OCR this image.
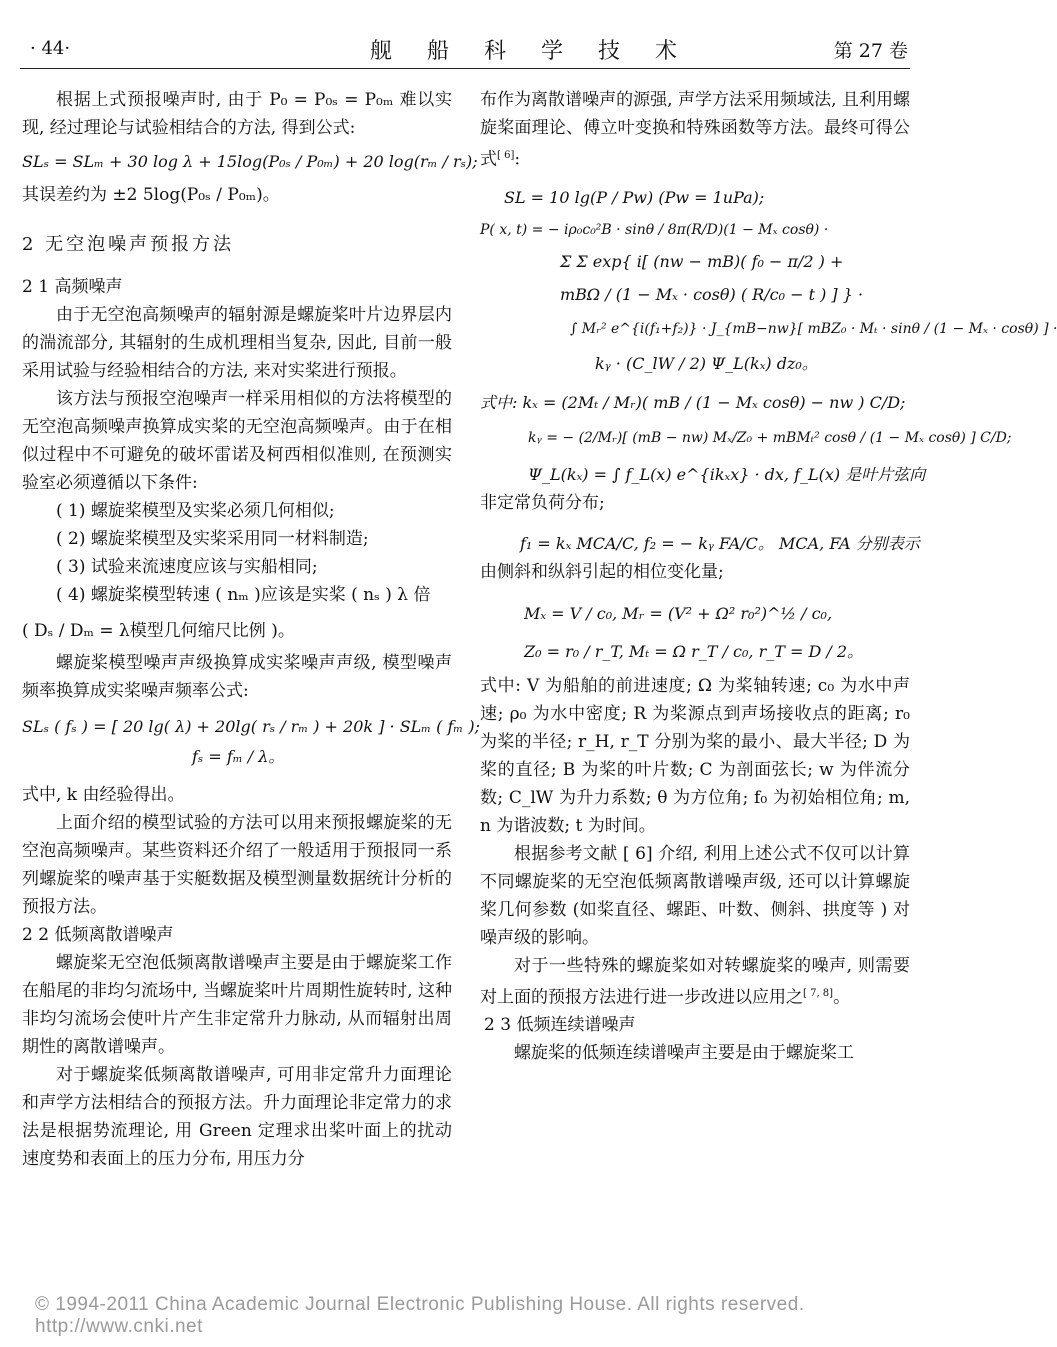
· 44·	舰 船 科 学 技 术	第 27 卷

根据上式预报噪声时, 由于 P₀ = P₀ₛ = P₀ₘ 难以实现, 经过理论与试验相结合的方法, 得到公式:

SLₛ = SLₘ + 30 log λ + 15log(P₀ₛ / P₀ₘ) + 20 log(rₘ / rₛ);

其误差约为 ±2 5log(P₀ₛ / P₀ₘ)。

2 无空泡噪声预报方法

2 1 高频噪声

由于无空泡高频噪声的辐射源是螺旋桨叶片边界层内的湍流部分, 其辐射的生成机理相当复杂, 因此, 目前一般采用试验与经验相结合的方法, 来对实桨进行预报。

该方法与预报空泡噪声一样采用相似的方法将模型的无空泡高频噪声换算成实桨的无空泡高频噪声。由于在相似过程中不可避免的破坏雷诺及柯西相似准则, 在预测实验室必须遵循以下条件:

( 1) 螺旋桨模型及实桨必须几何相似;

( 2) 螺旋桨模型及实桨采用同一材料制造;

( 3) 试验来流速度应该与实船相同;

( 4) 螺旋桨模型转速 ( nₘ )应该是实桨 ( nₛ ) λ 倍

( Dₛ / Dₘ = λ模型几何缩尺比例 )。

螺旋桨模型噪声声级换算成实桨噪声声级, 模型噪声频率换算成实桨噪声频率公式:

SLₛ ( fₛ ) = [ 20 lg( λ) + 20lg( rₛ / rₘ ) + 20k ] · SLₘ ( fₘ );
fₛ = fₘ / λ。

式中, k 由经验得出。

上面介绍的模型试验的方法可以用来预报螺旋桨的无空泡高频噪声。某些资料还介绍了一般适用于预报同一系列螺旋桨的噪声基于实艇数据及模型测量数据统计分析的预报方法。

2 2 低频离散谱噪声

螺旋桨无空泡低频离散谱噪声主要是由于螺旋桨工作在船尾的非均匀流场中, 当螺旋桨叶片周期性旋转时, 这种非均匀流场会使叶片产生非定常升力脉动, 从而辐射出周期性的离散谱噪声。

对于螺旋桨低频离散谱噪声, 可用非定常升力面理论和声学方法相结合的预报方法。升力面理论非定常力的求法是根据势流理论, 用 Green 定理求出桨叶面上的扰动速度势和表面上的压力分布, 用压力分

布作为离散谱噪声的源强, 声学方法采用频域法, 且利用螺旋桨面理论、傅立叶变换和特殊函数等方法。最终可得公式[ 6]:

SL = 10 lg(P / Pw) (Pw = 1uPa);
P( x, t) = − iρ₀c₀²B · sinθ / 8π(R/D)(1 − Mₓ cosθ) ·
Σ Σ exp{ i[ (nw − mB)( f₀ − π/2 ) +
mBΩ / (1 − Mₓ · cosθ) ( R/c₀ − t ) ] } ·
∫ Mᵣ² e^{i(f₁+f₂)} · J_{mB−nw}[ mBZ₀ · Mₜ · sinθ / (1 − Mₓ · cosθ) ] ·
kᵧ · (C_lW / 2) Ψ_L(kₓ) dz₀。
式中: kₓ = (2Mₜ / Mᵣ)( mB / (1 − Mₓ cosθ) − nw ) C/D;
kᵧ = − (2/Mᵣ)[ (mB − nw) Mₓ/Z₀ + mBMₜ² cosθ / (1 − Mₓ cosθ) ] C/D;
Ψ_L(kₓ) = ∫ f_L(x) e^{ikₓx} · dx, f_L(x) 是叶片弦向

非定常负荷分布;

f₁ = kₓ MCA/C, f₂ = − kᵧ FA/C。 MCA, FA 分别表示

由侧斜和纵斜引起的相位变化量;

Mₓ = V / c₀, Mᵣ = (V² + Ω² r₀²)^½ / c₀,
Z₀ = r₀ / r_T, Mₜ = Ω r_T / c₀, r_T = D / 2。

式中: V 为船舶的前进速度; Ω 为桨轴转速; c₀ 为水中声速; ρ₀ 为水中密度; R 为桨源点到声场接收点的距离; r₀ 为桨的半径; r_H, r_T 分别为桨的最小、最大半径; D 为桨的直径; B 为桨的叶片数; C 为剖面弦长; w 为伴流分数; C_lW 为升力系数; θ 为方位角; f₀ 为初始相位角; m, n 为谐波数; t 为时间。

根据参考文献 [ 6] 介绍, 利用上述公式不仅可以计算不同螺旋桨的无空泡低频离散谱噪声级, 还可以计算螺旋桨几何参数 (如桨直径、螺距、叶数、侧斜、拱度等 ) 对噪声级的影响。

对于一些特殊的螺旋桨如对转螺旋桨的噪声, 则需要对上面的预报方法进行进一步改进以应用之[ 7, 8]。

2 3 低频连续谱噪声

螺旋桨的低频连续谱噪声主要是由于螺旋桨工

© 1994-2011 China Academic Journal Electronic Publishing House. All rights reserved. http://www.cnki.net
